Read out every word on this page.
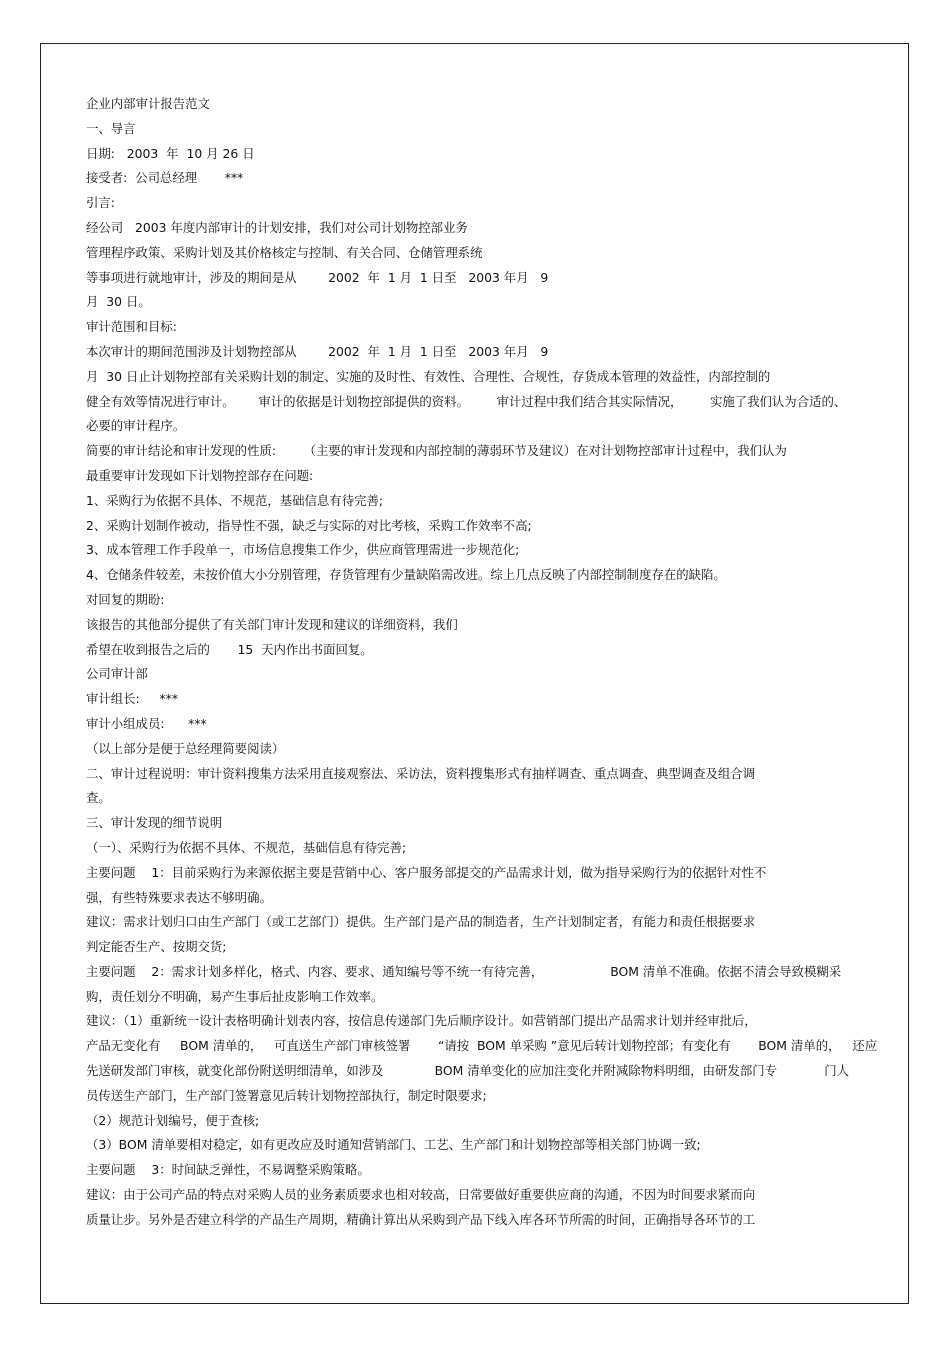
企业内部审计报告范文
一、导言
日期:   2003  年  10 月 26 日
接受者:  公司总经理       ***
引言:
经公司   2003 年度内部审计的计划安排，我们对公司计划物控部业务
管理程序政策、采购计划及其价格核定与控制、有关合同、仓储管理系统
等事项进行就地审计，涉及的期间是从        2002  年  1 月  1 日至   2003 年月   9
月  30 日。
审计范围和目标:
本次审计的期间范围涉及计划物控部从        2002  年  1 月  1 日至   2003 年月   9
月  30 日止计划物控部有关采购计划的制定、实施的及时性、有效性、合理性、合规性，存货成本管理的效益性，内部控制的
健全有效等情况进行审计。      审计的依据是计划物控部提供的资料。       审计过程中我们结合其实际情况，       实施了我们认为合适的、
必要的审计程序。
简要的审计结论和审计发现的性质:       （主要的审计发现和内部控制的薄弱环节及建议）在对计划物控部审计过程中，我们认为
最重要审计发现如下计划物控部存在问题:
1、采购行为依据不具体、不规范，基础信息有待完善;
2、采购计划制作被动，指导性不强，缺乏与实际的对比考核，采购工作效率不高;
3、成本管理工作手段单一，市场信息搜集工作少，供应商管理需进一步规范化;
4、仓储条件较差，未按价值大小分别管理，存货管理有少量缺陷需改进。综上几点反映了内部控制制度存在的缺陷。
对回复的期盼:
该报告的其他部分提供了有关部门审计发现和建议的详细资料，我们
希望在收到报告之后的       15  天内作出书面回复。
公司审计部
审计组长:     ***
审计小组成员:      ***
（以上部分是便于总经理简要阅读）
二、审计过程说明：审计资料搜集方法采用直接观察法、采访法，资料搜集形式有抽样调查、重点调查、典型调查及组合调
查。
三、审计发现的细节说明
（一）、采购行为依据不具体、不规范，基础信息有待完善;
主要问题    1：目前采购行为来源依据主要是营销中心、客户服务部提交的产品需求计划，做为指导采购行为的依据针对性不
强，有些特殊要求表达不够明确。
建议：需求计划归口由生产部门（或工艺部门）提供。生产部门是产品的制造者，生产计划制定者，有能力和责任根据要求
判定能否生产、按期交货;
主要问题    2：需求计划多样化，格式、内容、要求、通知编号等不统一有待完善，                 BOM 清单不准确。依据不清会导致模糊采
购，责任划分不明确，易产生事后扯皮影响工作效率。
建议：（1）重新统一设计表格明确计划表内容，按信息传递部门先后顺序设计。如营销部门提出产品需求计划并经审批后，
产品无变化有     BOM 清单的，   可直送生产部门审核签署       “请按  BOM 单采购 ”意见后转计划物控部；有变化有       BOM 清单的，   还应
先送研发部门审核，就变化部份附送明细清单，如涉及             BOM 清单变化的应加注变化并附减除物料明细，由研发部门专            门人
员传送生产部门，生产部门签署意见后转计划物控部执行，制定时限要求;
（2）规范计划编号，便于查核;
（3）BOM 清单要相对稳定，如有更改应及时通知营销部门、工艺、生产部门和计划物控部等相关部门协调一致;
主要问题    3：时间缺乏弹性，不易调整采购策略。
建议：由于公司产品的特点对采购人员的业务素质要求也相对较高，日常要做好重要供应商的沟通，不因为时间要求紧而向
质量让步。另外是否建立科学的产品生产周期，精确计算出从采购到产品下线入库各环节所需的时间，正确指导各环节的工
